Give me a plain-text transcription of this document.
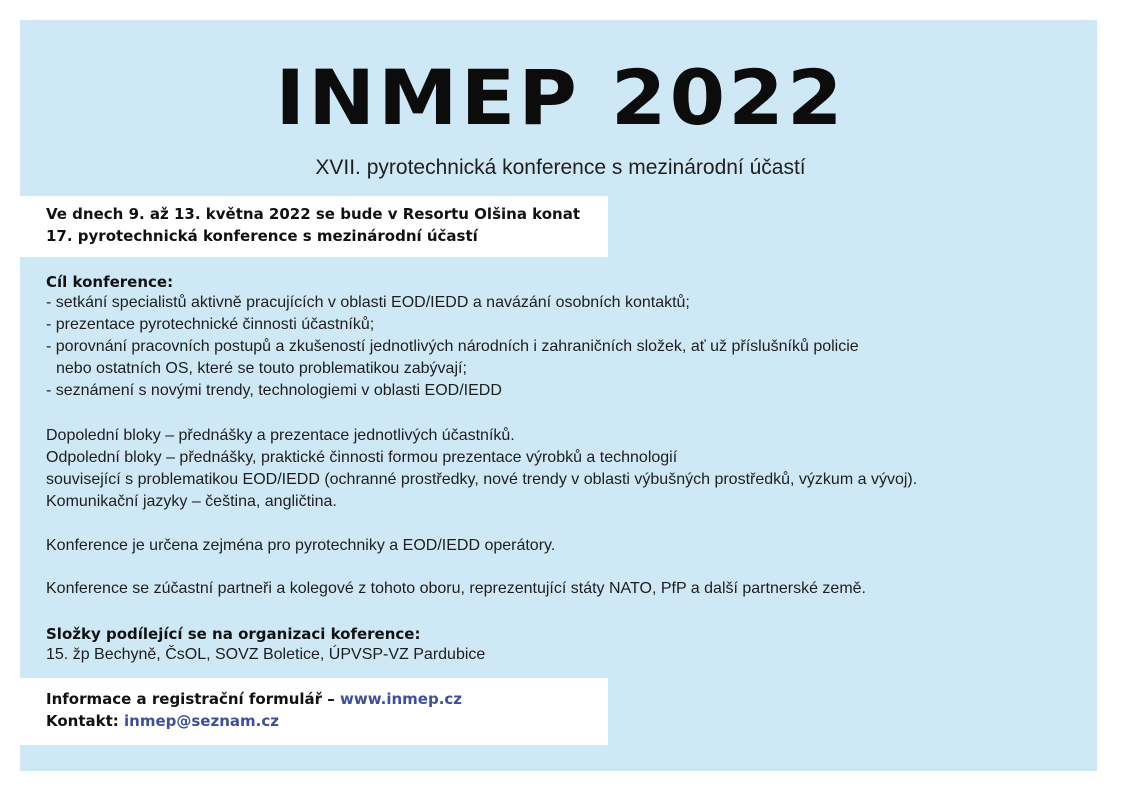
INMEP 2022
XVII. pyrotechnická konference s mezinárodní účastí
Ve dnech 9. až 13. května 2022 se bude v Resortu Olšina konat
17. pyrotechnická konference s mezinárodní účastí
Cíl konference:
- setkání specialistů aktivně pracujících v oblasti EOD/IEDD a navázání osobních kontaktů;
- prezentace pyrotechnické činnosti účastníků;
- porovnání pracovních postupů a zkušeností jednotlivých národních i zahraničních složek, ať už příslušníků policie
nebo ostatních OS, které se touto problematikou zabývají;
- seznámení s novými trendy, technologiemi v oblasti EOD/IEDD
Dopolední bloky – přednášky a prezentace jednotlivých účastníků.
Odpolední bloky – přednášky, praktické činnosti formou prezentace výrobků a technologií
související s problematikou EOD/IEDD (ochranné prostředky, nové trendy v oblasti výbušných prostředků, výzkum a vývoj).
Komunikační jazyky – čeština, angličtina.
Konference je určena zejména pro pyrotechniky a EOD/IEDD operátory.
Konference se zúčastní partneři a kolegové z tohoto oboru, reprezentující státy NATO, PfP a další partnerské země.
Složky podílející se na organizaci koference:
15. žp Bechyně, ČsOL, SOVZ Boletice, ÚPVSP-VZ Pardubice
Informace a registrační formulář – www.inmep.cz
Kontakt: inmep@seznam.cz
